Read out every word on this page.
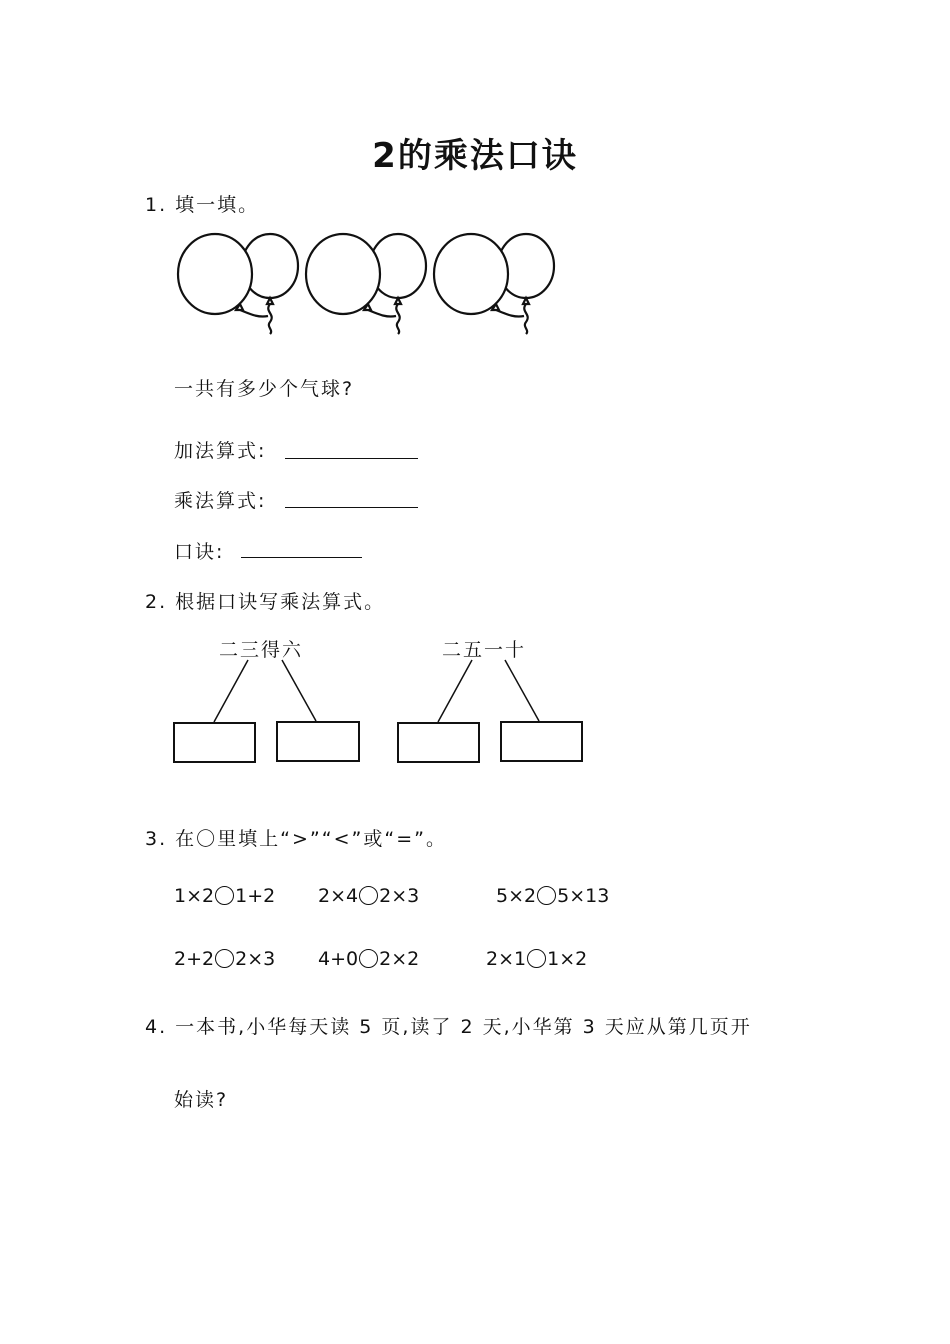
2的乘法口诀
1. 填一填。
一共有多少个气球?
加法算式:
乘法算式:
口诀:
2. 根据口诀写乘法算式。
二三得六	二五一十
3. 在〇里填上“>”“<”或“=”。
1×2 1+2 2×4 2×3	5×2 5×13
2+2 2×3 4+0 2×2	2×1 1×2
4. 一本书,小华每天读 5 页,读了 2 天,小华第 3 天应从第几页开
始读?
